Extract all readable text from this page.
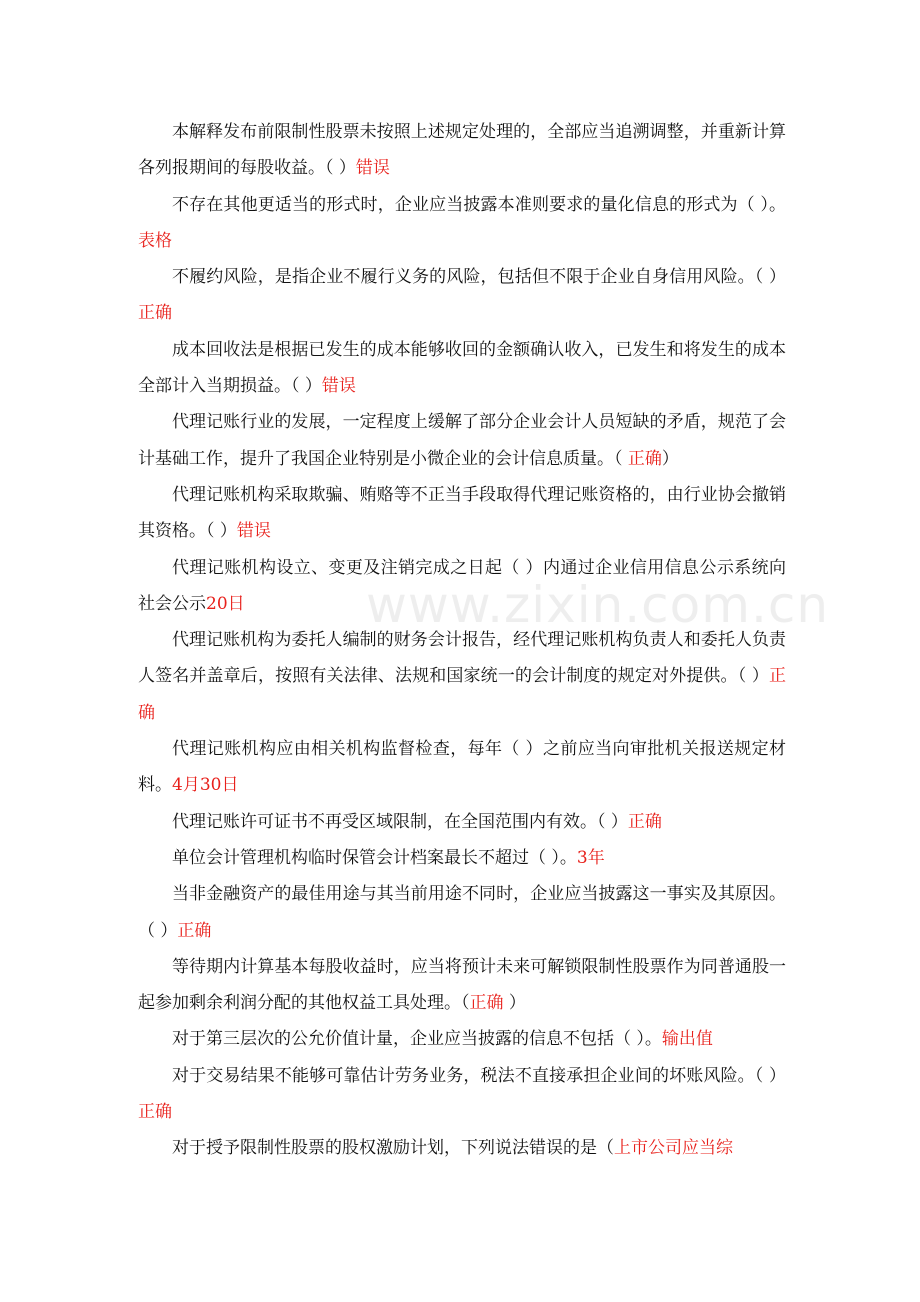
www.zixin.com.cn

本解释发布前限制性股票未按照上述规定处理的，全部应当追溯调整，并重新计算各列报期间的每股收益。（ ）错误

不存在其他更适当的形式时，企业应当披露本准则要求的量化信息的形式为（ ）。表格

不履约风险，是指企业不履行义务的风险，包括但不限于企业自身信用风险。（ ）正确

成本回收法是根据已发生的成本能够收回的金额确认收入，已发生和将发生的成本全部计入当期损益。（ ）错误

代理记账行业的发展，一定程度上缓解了部分企业会计人员短缺的矛盾，规范了会计基础工作，提升了我国企业特别是小微企业的会计信息质量。（ 正确）

代理记账机构采取欺骗、贿赂等不正当手段取得代理记账资格的，由行业协会撤销其资格。（ ）错误

代理记账机构设立、变更及注销完成之日起（ ）内通过企业信用信息公示系统向社会公示20日

代理记账机构为委托人编制的财务会计报告，经代理记账机构负责人和委托人负责人签名并盖章后，按照有关法律、法规和国家统一的会计制度的规定对外提供。（ ）正确

代理记账机构应由相关机构监督检查，每年（ ）之前应当向审批机关报送规定材料。4月30日

代理记账许可证书不再受区域限制，在全国范围内有效。（ ）正确

单位会计管理机构临时保管会计档案最长不超过（ ）。3年

当非金融资产的最佳用途与其当前用途不同时，企业应当披露这一事实及其原因。（ ）正确

等待期内计算基本每股收益时，应当将预计未来可解锁限制性股票作为同普通股一起参加剩余利润分配的其他权益工具处理。（正确 ）

对于第三层次的公允价值计量，企业应当披露的信息不包括（ ）。输出值

对于交易结果不能够可靠估计劳务业务，税法不直接承担企业间的坏账风险。（ ）正确

对于授予限制性股票的股权激励计划，下列说法错误的是（上市公司应当综
